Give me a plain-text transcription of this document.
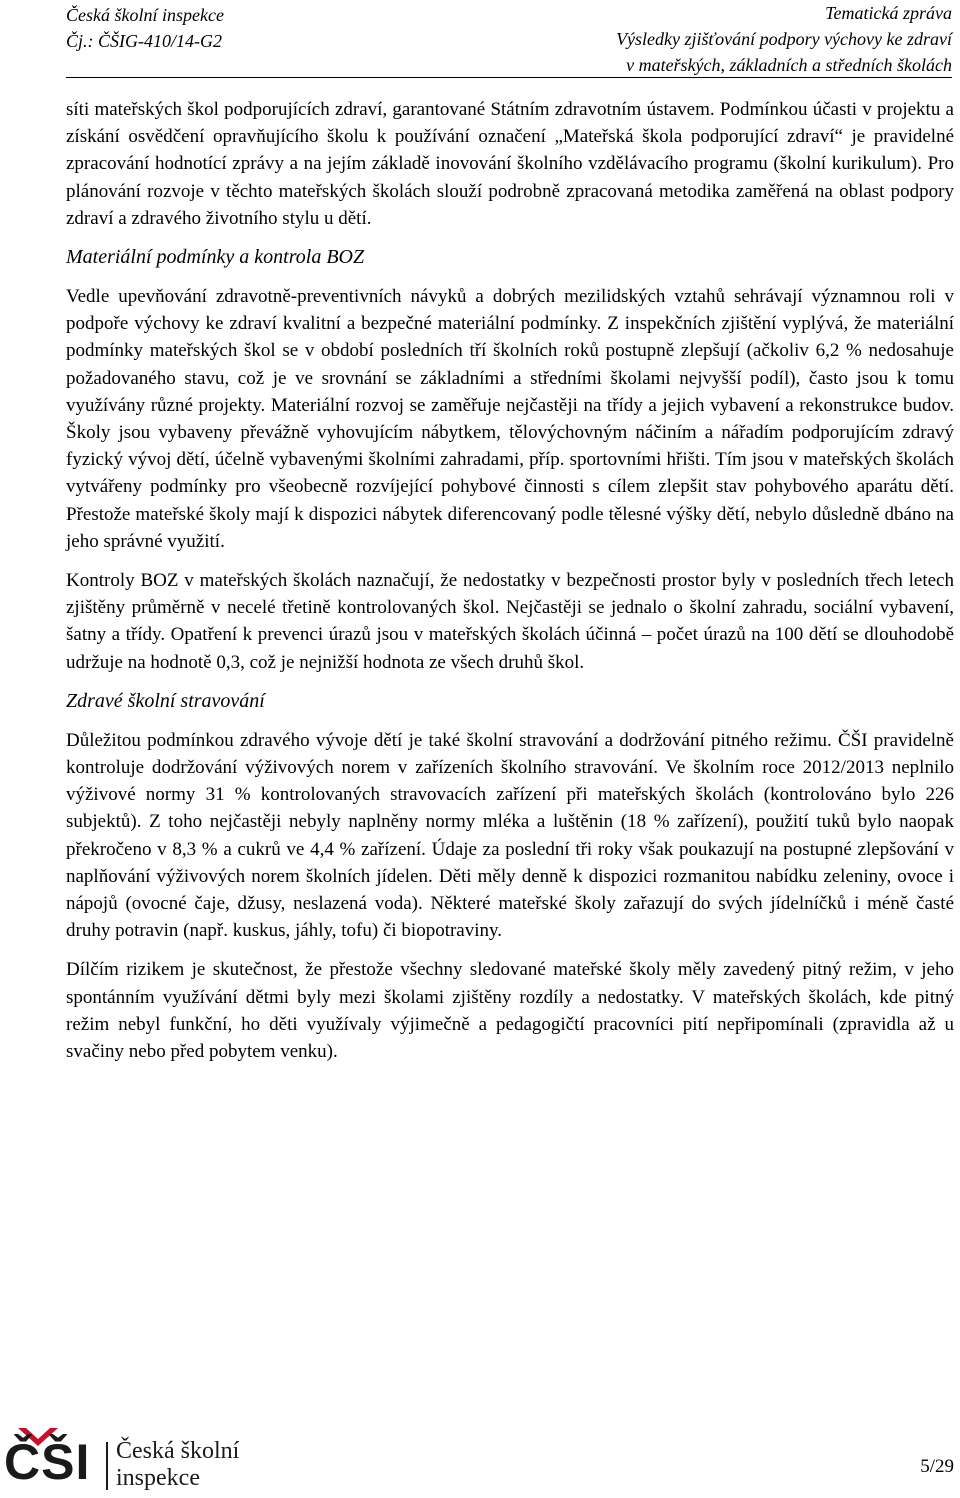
Česká školní inspekce
Čj.: ČŠIG-410/14-G2
Tematická zpráva
Výsledky zjišťování podpory výchovy ke zdraví
v mateřských, základních a středních školách

síti mateřských škol podporujících zdraví, garantované Státním zdravotním ústavem. Podmínkou účasti v projektu a získání osvědčení opravňujícího školu k používání označení „Mateřská škola podporující zdraví“ je pravidelné zpracování hodnotící zprávy a na jejím základě inovování školního vzdělávacího programu (školní kurikulum). Pro plánování rozvoje v těchto mateřských školách slouží podrobně zpracovaná metodika zaměřená na oblast podpory zdraví a zdravého životního stylu u dětí.

Materiální podmínky a kontrola BOZ

Vedle upevňování zdravotně-preventivních návyků a dobrých mezilidských vztahů sehrávají významnou roli v podpoře výchovy ke zdraví kvalitní a bezpečné materiální podmínky. Z inspekčních zjištění vyplývá, že materiální podmínky mateřských škol se v období posledních tří školních roků postupně zlepšují (ačkoliv 6,2 % nedosahuje požadovaného stavu, což je ve srovnání se základními a středními školami nejvyšší podíl), často jsou k tomu využívány různé projekty. Materiální rozvoj se zaměřuje nejčastěji na třídy a jejich vybavení a rekonstrukce budov. Školy jsou vybaveny převážně vyhovujícím nábytkem, tělovýchovným náčiním a nářadím podporujícím zdravý fyzický vývoj dětí, účelně vybavenými školními zahradami, příp. sportovními hřišti. Tím jsou v mateřských školách vytvářeny podmínky pro všeobecně rozvíjející pohybové činnosti s cílem zlepšit stav pohybového aparátu dětí. Přestože mateřské školy mají k dispozici nábytek diferencovaný podle tělesné výšky dětí, nebylo důsledně dbáno na jeho správné využití.

Kontroly BOZ v mateřských školách naznačují, že nedostatky v bezpečnosti prostor byly v posledních třech letech zjištěny průměrně v necelé třetině kontrolovaných škol. Nejčastěji se jednalo o školní zahradu, sociální vybavení, šatny a třídy. Opatření k prevenci úrazů jsou v mateřských školách účinná – počet úrazů na 100 dětí se dlouhodobě udržuje na hodnotě 0,3, což je nejnižší hodnota ze všech druhů škol.

Zdravé školní stravování

Důležitou podmínkou zdravého vývoje dětí je také školní stravování a dodržování pitného režimu. ČŠI pravidelně kontroluje dodržování výživových norem v zařízeních školního stravování. Ve školním roce 2012/2013 neplnilo výživové normy 31 % kontrolovaných stravovacích zařízení při mateřských školách (kontrolováno bylo 226 subjektů). Z toho nejčastěji nebyly naplněny normy mléka a luštěnin (18 % zařízení), použití tuků bylo naopak překročeno v 8,3 % a cukrů ve 4,4 % zařízení. Údaje za poslední tři roky však poukazují na postupné zlepšování v naplňování výživových norem školních jídelen. Děti měly denně k dispozici rozmanitou nabídku zeleniny, ovoce i nápojů (ovocné čaje, džusy, neslazená voda). Některé mateřské školy zařazují do svých jídelníčků i méně časté druhy potravin (např. kuskus, jáhly, tofu) či biopotraviny.

Dílčím rizikem je skutečnost, že přestože všechny sledované mateřské školy měly zavedený pitný režim, v jeho spontánním využívání dětmi byly mezi školami zjištěny rozdíly a nedostatky. V mateřských školách, kde pitný režim nebyl funkční, ho děti využívaly výjimečně a pedagogičtí pracovníci pití nepřipomínali (zpravidla až u svačiny nebo před pobytem venku).

ČŠI Česká školní
inspekce	5/29
